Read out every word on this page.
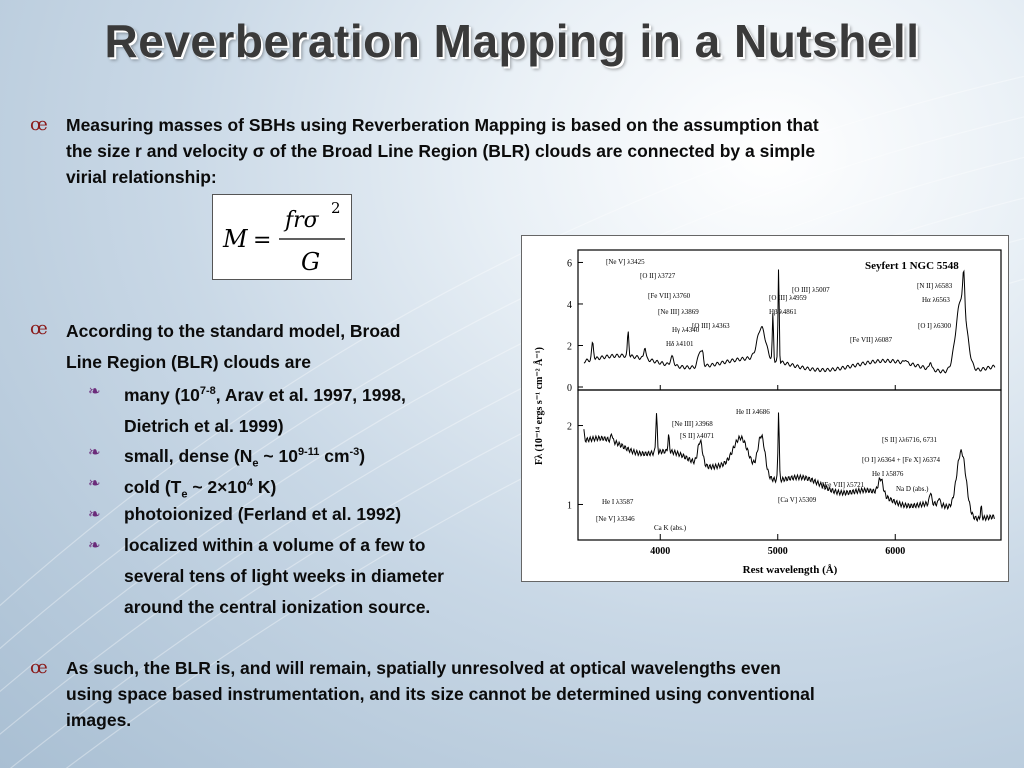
Reverberation Mapping in a Nutshell
œ	Measuring masses of SBHs using Reverberation Mapping is based on the assumption that
the size r and velocity σ of the Broad Line Region (BLR) clouds are connected by a simple
virial relationship:
M =
frσ 2
G
œ	According to the standard model, Broad
Line Region (BLR) clouds are
❧	many (10$^{7-8}$, Arav et al. 1997, 1998,
Dietrich et al. 1999)
❧	small, dense ($N_e$ ~ 10$^{9-11}$ $cm^{-3}$)
❧	cold ($T_e$ ~ $2\times 10^4$ K)
❧	photoionized (Ferland et al. 1992)
❧	localized within a volume of a few to
several tens of light weeks in diameter
around the central ionization source.
œ	As such, the BLR is, and will remain, spatially unresolved at optical wavelengths even
using space based instrumentation, and its size cannot be determined using conventional
images.
4000	5000	6000
0
2
4
6
1
2
[Ne V] λ3425
[O II] λ3727
[Fe VII] λ3760
[Ne III] λ3869
Hγ λ4340
Hδ λ4101
[O III] λ4363
[O III] λ4959
Hβ λ4861
[O III] λ5007
[Fe VII] λ6087
[O I] λ6300
[N II] λ6583
Hα λ6563
He II λ4686
[Ne III] λ3968
[S II] λ4071
He I λ3587
[Ne V] λ3346
Ca K (abs.)
[S II] λλ6716, 6731
[O I] λ6364 + [Fe X] λ6374
He I λ5876
[Fe VII] λ5721	Na D (abs.)
[Ca V] λ5309
Seyfert 1 NGC 5548
Rest wavelength (Å)
Fλ (10⁻¹⁴ ergs s⁻¹ cm⁻² Å⁻¹)
